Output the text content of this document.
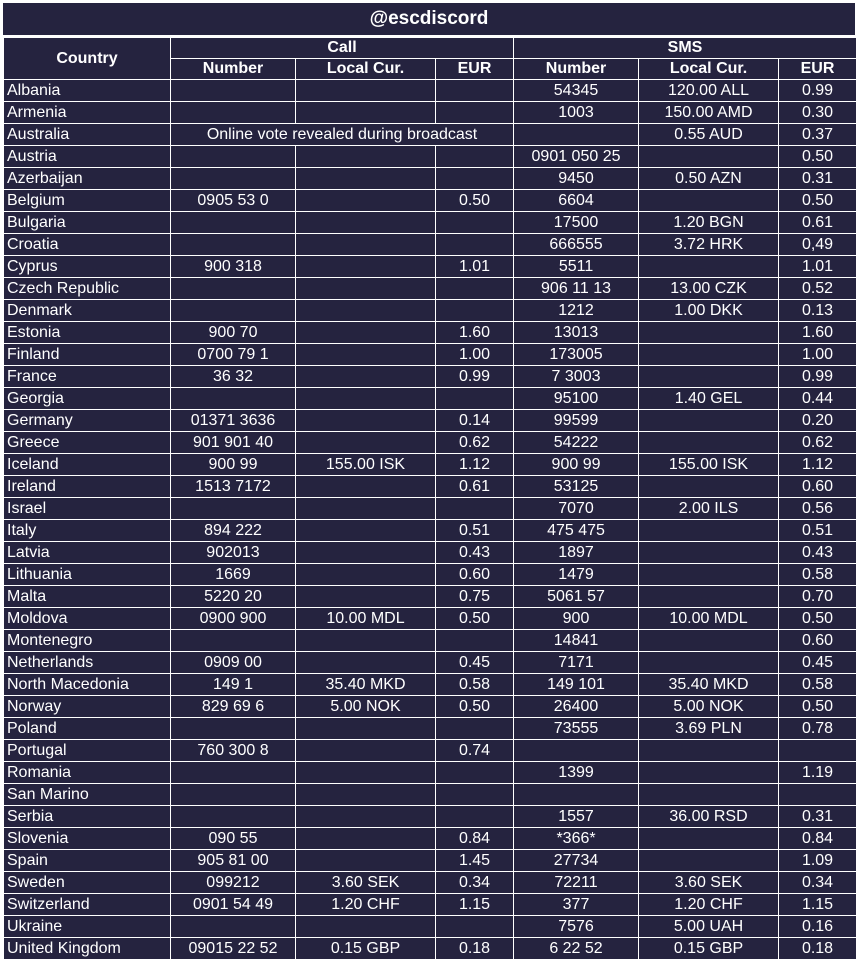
@escdiscord
Country	Call			SMS		
	Number	Local Cur.	EUR	Number	Local Cur.	EUR
Albania				54345	120.00 ALL	0.99
Armenia				1003	150.00 AMD	0.30
Australia	Online vote revealed during broadcast				0.55 AUD	0.37
Austria				0901 050 25		0.50
Azerbaijan				9450	0.50 AZN	0.31
Belgium	0905 53 0		0.50	6604		0.50
Bulgaria				17500	1.20 BGN	0.61
Croatia				666555	3.72 HRK	0,49
Cyprus	900 318		1.01	5511		1.01
Czech Republic				906 11 13	13.00 CZK	0.52
Denmark				1212	1.00 DKK	0.13
Estonia	900 70		1.60	13013		1.60
Finland	0700 79 1		1.00	173005		1.00
France	36 32		0.99	7 3003		0.99
Georgia				95100	1.40 GEL	0.44
Germany	01371 3636		0.14	99599		0.20
Greece	901 901 40		0.62	54222		0.62
Iceland	900 99	155.00 ISK	1.12	900 99	155.00 ISK	1.12
Ireland	1513 7172		0.61	53125		0.60
Israel				7070	2.00 ILS	0.56
Italy	894 222		0.51	475 475		0.51
Latvia	902013		0.43	1897		0.43
Lithuania	1669		0.60	1479		0.58
Malta	5220 20		0.75	5061 57		0.70
Moldova	0900 900	10.00 MDL	0.50	900	10.00 MDL	0.50
Montenegro				14841		0.60
Netherlands	0909 00		0.45	7171		0.45
North Macedonia	149 1	35.40 MKD	0.58	149 101	35.40 MKD	0.58
Norway	829 69 6	5.00 NOK	0.50	26400	5.00 NOK	0.50
Poland				73555	3.69 PLN	0.78
Portugal	760 300 8		0.74			
Romania				1399		1.19
San Marino						
Serbia				1557	36.00 RSD	0.31
Slovenia	090 55		0.84	*366*		0.84
Spain	905 81 00		1.45	27734		1.09
Sweden	099212	3.60 SEK	0.34	72211	3.60 SEK	0.34
Switzerland	0901 54 49	1.20 CHF	1.15	377	1.20 CHF	1.15
Ukraine				7576	5.00 UAH	0.16
United Kingdom	09015 22 52	0.15 GBP	0.18	6 22 52	0.15 GBP	0.18
